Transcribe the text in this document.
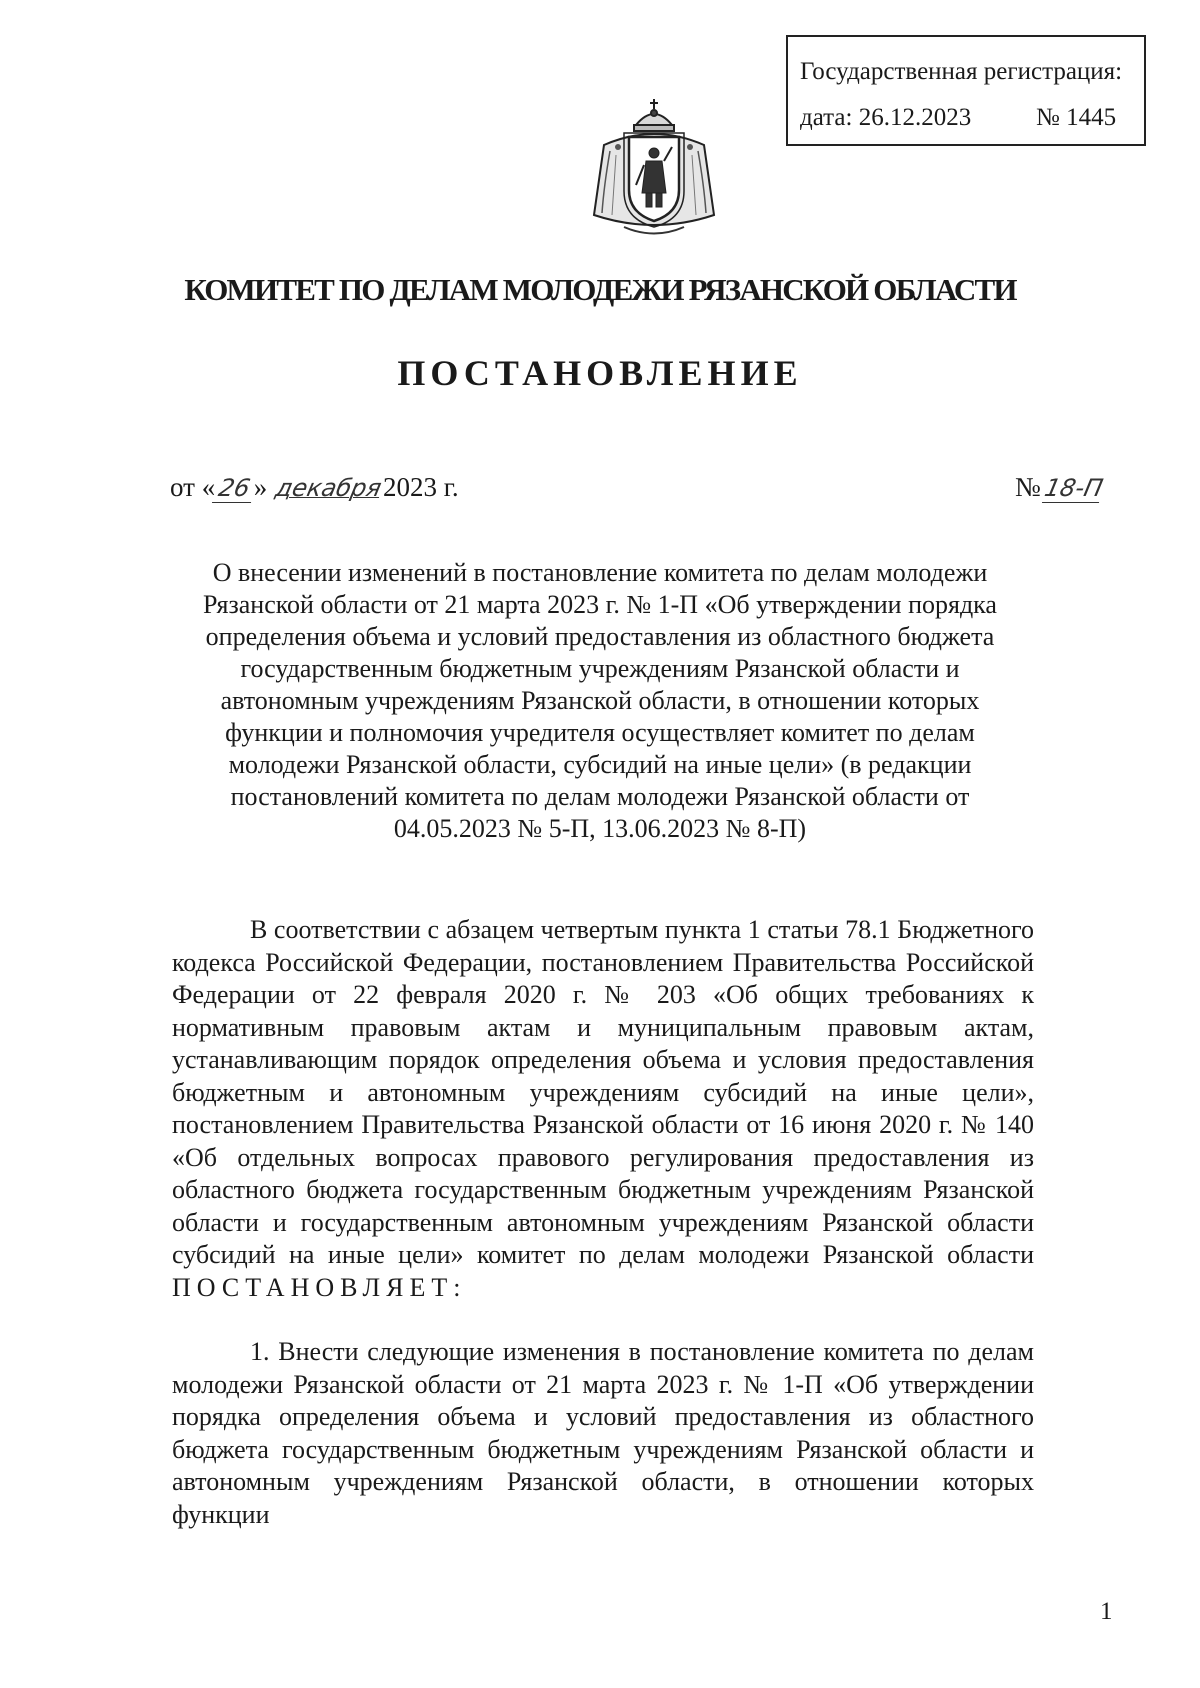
Государственная регистрация:
дата: 26.12.2023	№ 1445
КОМИТЕТ ПО ДЕЛАМ МОЛОДЕЖИ РЯЗАНСКОЙ ОБЛАСТИ
ПОСТАНОВЛЕНИЕ
от «26» декабря2023 г.	№18-П
О внесении изменений в постановление комитета по делам молодежи Рязанской области от 21 марта 2023 г. № 1-П «Об утверждении порядка определения объема и условий предоставления из областного бюджета государственным бюджетным учреждениям Рязанской области и автономным учреждениям Рязанской области, в отношении которых функции и полномочия учредителя осуществляет комитет по делам молодежи Рязанской области, субсидий на иные цели» (в редакции постановлений комитета по делам молодежи Рязанской области от 04.05.2023 № 5-П, 13.06.2023 № 8-П)
В соответствии с абзацем четвертым пункта 1 статьи 78.1 Бюджетного кодекса Российской Федерации, постановлением Правительства Российской Федерации от 22 февраля 2020 г. № 203 «Об общих требованиях к нормативным правовым актам и муниципальным правовым актам, устанавливающим порядок определения объема и условия предоставления бюджетным и автономным учреждениям субсидий на иные цели», постановлением Правительства Рязанской области от 16 июня 2020 г. № 140 «Об отдельных вопросах правового регулирования предоставления из областного бюджета государственным бюджетным учреждениям Рязанской области и государственным автономным учреждениям Рязанской области субсидий на иные цели» комитет по делам молодежи Рязанской области ПОСТАНОВЛЯЕТ:
1. Внести следующие изменения в постановление комитета по делам молодежи Рязанской области от 21 марта 2023 г. № 1-П «Об утверждении порядка определения объема и условий предоставления из областного бюджета государственным бюджетным учреждениям Рязанской области и автономным учреждениям Рязанской области, в отношении которых функции
1
